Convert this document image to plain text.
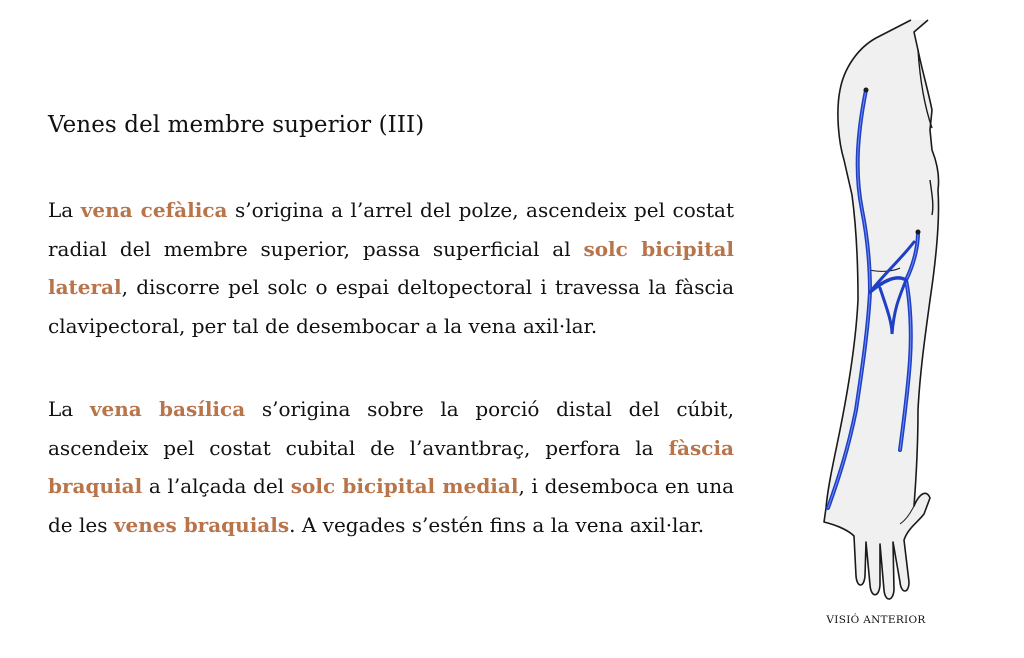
Venes del membre superior (III)

La vena cefàlica s’origina a l’arrel del polze, ascendeix pel costat radial del membre superior, passa superficial al solc bicipital lateral, discorre pel solc o espai deltopectoral i travessa la fàscia clavipectoral, per tal de desembocar a la vena axil·lar.

La vena basílica s’origina sobre la porció distal del cúbit, ascendeix pel costat cubital de l’avantbraç, perfora la fàscia braquial a l’alçada del solc bicipital medial, i desemboca en una de les venes braquials. A vegades s’estén fins a la vena axil·lar.

VISIÓ ANTERIOR
